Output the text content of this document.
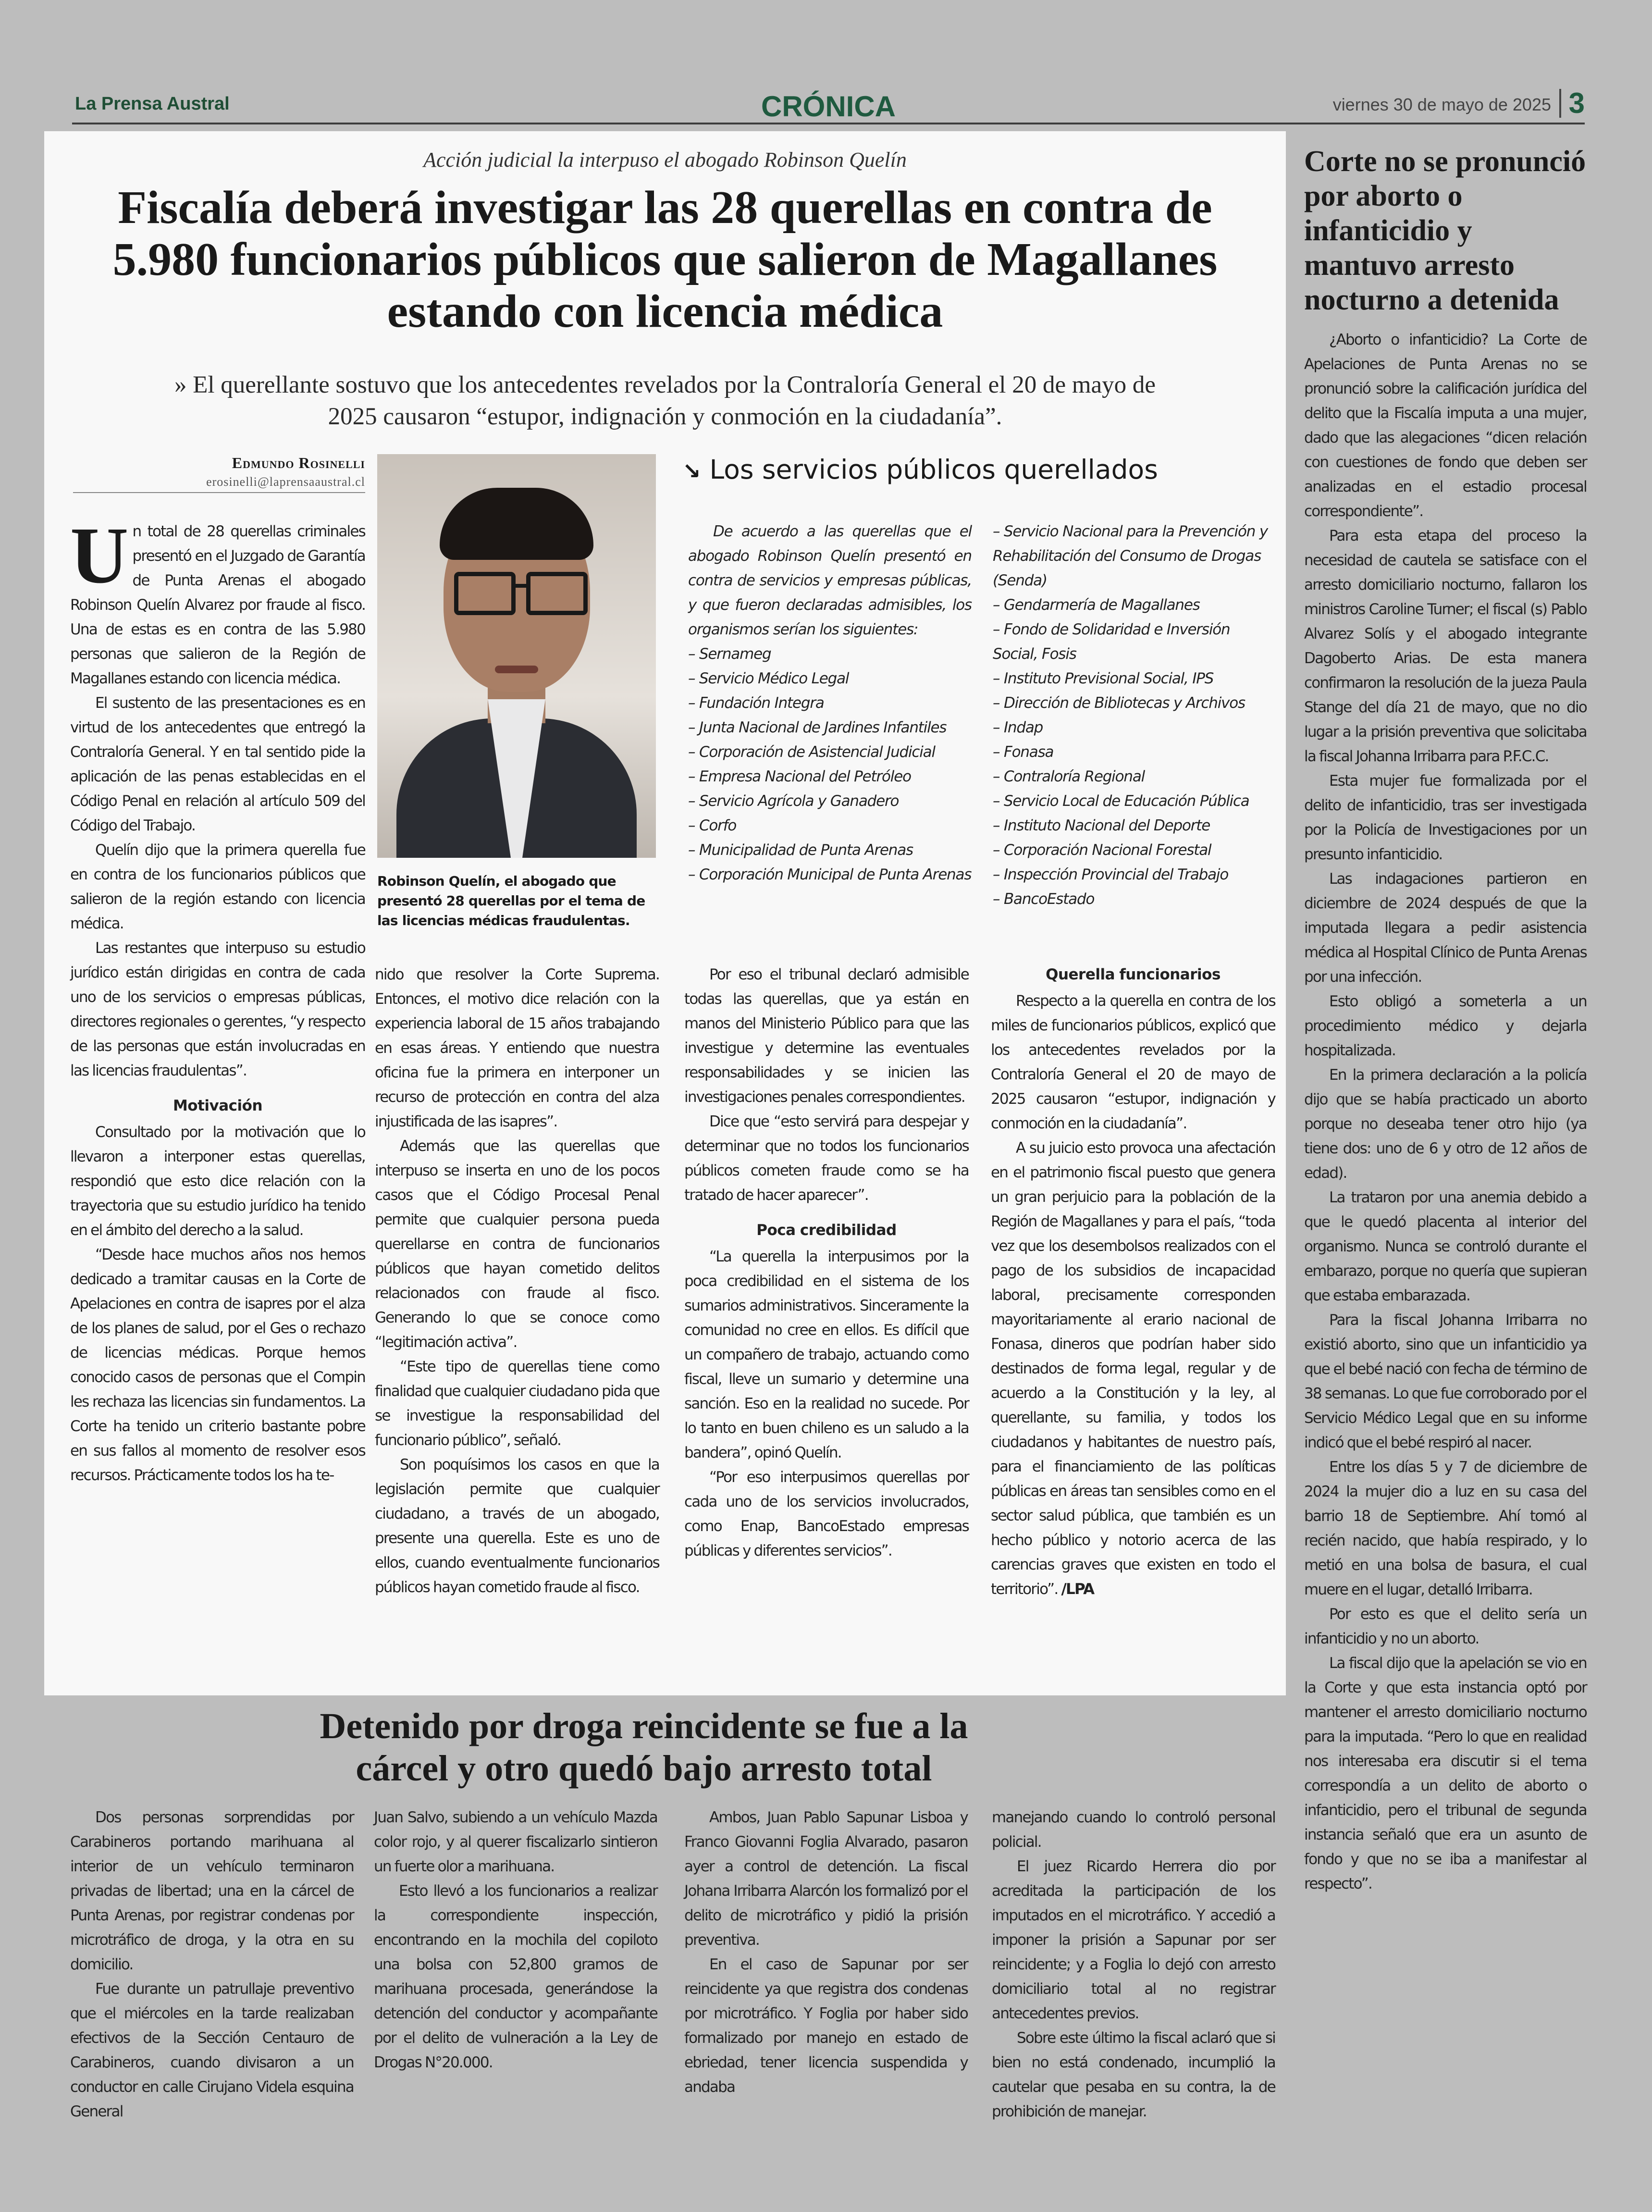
La Prensa Austral	CRÓNICA	viernes 30 de mayo de 2025 3
Acción judicial la interpuso el abogado Robinson Quelín
Fiscalía deberá investigar las 28 querellas en contra de 5.980 funcionarios públicos que salieron de Magallanes estando con licencia médica
» El querellante sostuvo que los antecedentes revelados por la Contraloría General el 20 de mayo de 2025 causaron “estupor, indignación y conmoción en la ciudadanía”.
Edmundo Rosinelli
erosinelli@laprensaaustral.cl

Un total de 28 querellas criminales presentó en el Juzgado de Garantía de Punta Arenas el abogado Robinson Quelín Alvarez por fraude al fisco. Una de estas es en contra de las 5.980 personas que salieron de la Región de Magallanes estando con licencia médica.

El sustento de las presentaciones es en virtud de los antecedentes que entregó la Contraloría General. Y en tal sentido pide la aplicación de las penas establecidas en el Código Penal en relación al artículo 509 del Código del Trabajo.

Quelín dijo que la primera querella fue en contra de los funcionarios públicos que salieron de la región estando con licencia médica.

Las restantes que interpuso su estudio jurídico están dirigidas en contra de cada uno de los servicios o empresas públicas, directores regionales o gerentes, “y respecto de las personas que están involucradas en las licencias fraudulentas”.

Motivación

Consultado por la motivación que lo llevaron a interponer estas querellas, respondió que esto dice relación con la trayectoria que su estudio jurídico ha tenido en el ámbito del derecho a la salud.

“Desde hace muchos años nos hemos dedicado a tramitar causas en la Corte de Apelaciones en contra de isapres por el alza de los planes de salud, por el Ges o rechazo de licencias médicas. Porque hemos conocido casos de personas que el Compin les rechaza las licencias sin fundamentos. La Corte ha tenido un criterio bastante pobre en sus fallos al momento de resolver esos recursos. Prácticamente todos los ha te-

Robinson Quelín, el abogado que presentó 28 querellas por el tema de las licencias médicas fraudulentas.

nido que resolver la Corte Suprema. Entonces, el motivo dice relación con la experiencia laboral de 15 años trabajando en esas áreas. Y entiendo que nuestra oficina fue la primera en interponer un recurso de protección en contra del alza injustificada de las isapres”.

Además que las querellas que interpuso se inserta en uno de los pocos casos que el Código Procesal Penal permite que cualquier persona pueda querellarse en contra de funcionarios públicos que hayan cometido delitos relacionados con fraude al fisco. Generando lo que se conoce como “legitimación activa”.

“Este tipo de querellas tiene como finalidad que cualquier ciudadano pida que se investigue la responsabilidad del funcionario público”, señaló.

Son poquísimos los casos en que la legislación permite que cualquier ciudadano, a través de un abogado, presente una querella. Este es uno de ellos, cuando eventualmente funcionarios públicos hayan cometido fraude al fisco.

↘ Los servicios públicos querellados
De acuerdo a las querellas que el abogado Robinson Quelín presentó en contra de servicios y empresas públicas, y que fueron declaradas admisibles, los organismos serían los siguientes:
– Sernameg
– Servicio Médico Legal
– Fundación Integra
– Junta Nacional de Jardines Infantiles
– Corporación de Asistencial Judicial
– Empresa Nacional del Petróleo
– Servicio Agrícola y Ganadero
– Corfo
– Municipalidad de Punta Arenas
– Corporación Municipal de Punta Arenas
– Servicio Nacional para la Prevención y Rehabilitación del Consumo de Drogas (Senda)
– Gendarmería de Magallanes
– Fondo de Solidaridad e Inversión Social, Fosis
– Instituto Previsional Social, IPS
– Dirección de Bibliotecas y Archivos
– Indap
– Fonasa
– Contraloría Regional
– Servicio Local de Educación Pública
– Instituto Nacional del Deporte
– Corporación Nacional Forestal
– Inspección Provincial del Trabajo
– BancoEstado

Por eso el tribunal declaró admisible todas las querellas, que ya están en manos del Ministerio Público para que las investigue y determine las eventuales responsabilidades y se inicien las investigaciones penales correspondientes.

Dice que “esto servirá para despejar y determinar que no todos los funcionarios públicos cometen fraude como se ha tratado de hacer aparecer”.

Poca credibilidad

“La querella la interpusimos por la poca credibilidad en el sistema de los sumarios administrativos. Sinceramente la comunidad no cree en ellos. Es difícil que un compañero de trabajo, actuando como fiscal, lleve un sumario y determine una sanción. Eso en la realidad no sucede. Por lo tanto en buen chileno es un saludo a la bandera”, opinó Quelín.

“Por eso interpusimos querellas por cada uno de los servicios involucrados, como Enap, BancoEstado empresas públicas y diferentes servicios”.

Querella funcionarios

Respecto a la querella en contra de los miles de funcionarios públicos, explicó que los antecedentes revelados por la Contraloría General el 20 de mayo de 2025 causaron “estupor, indignación y conmoción en la ciudadanía”.

A su juicio esto provoca una afectación en el patrimonio fiscal puesto que genera un gran perjuicio para la población de la Región de Magallanes y para el país, “toda vez que los desembolsos realizados con el pago de los subsidios de incapacidad laboral, precisamente corresponden mayoritariamente al erario nacional de Fonasa, dineros que podrían haber sido destinados de forma legal, regular y de acuerdo a la Constitución y la ley, al querellante, su familia, y todos los ciudadanos y habitantes de nuestro país, para el financiamiento de las políticas públicas en áreas tan sensibles como en el sector salud pública, que también es un hecho público y notorio acerca de las carencias graves que existen en todo el territorio”. /LPA

Corte no se pronunció por aborto o infanticidio y mantuvo arresto nocturno a detenida

¿Aborto o infanticidio? La Corte de Apelaciones de Punta Arenas no se pronunció sobre la calificación jurídica del delito que la Fiscalía imputa a una mujer, dado que las alegaciones “dicen relación con cuestiones de fondo que deben ser analizadas en el estadio procesal correspondiente”.

Para esta etapa del proceso la necesidad de cautela se satisface con el arresto domiciliario nocturno, fallaron los ministros Caroline Turner; el fiscal (s) Pablo Alvarez Solís y el abogado integrante Dagoberto Arias. De esta manera confirmaron la resolución de la jueza Paula Stange del día 21 de mayo, que no dio lugar a la prisión preventiva que solicitaba la fiscal Johanna Irribarra para P.F.C.C.

Esta mujer fue formalizada por el delito de infanticidio, tras ser investigada por la Policía de Investigaciones por un presunto infanticidio.

Las indagaciones partieron en diciembre de 2024 después de que la imputada llegara a pedir asistencia médica al Hospital Clínico de Punta Arenas por una infección.

Esto obligó a someterla a un procedimiento médico y dejarla hospitalizada.

En la primera declaración a la policía dijo que se había practicado un aborto porque no deseaba tener otro hijo (ya tiene dos: uno de 6 y otro de 12 años de edad).

La trataron por una anemia debido a que le quedó placenta al interior del organismo. Nunca se controló durante el embarazo, porque no quería que supieran que estaba embarazada.

Para la fiscal Johanna Irribarra no existió aborto, sino que un infanticidio ya que el bebé nació con fecha de término de 38 semanas. Lo que fue corroborado por el Servicio Médico Legal que en su informe indicó que el bebé respiró al nacer.

Entre los días 5 y 7 de diciembre de 2024 la mujer dio a luz en su casa del barrio 18 de Septiembre. Ahí tomó al recién nacido, que había respirado, y lo metió en una bolsa de basura, el cual muere en el lugar, detalló Irribarra.

Por esto es que el delito sería un infanticidio y no un aborto.

La fiscal dijo que la apelación se vio en la Corte y que esta instancia optó por mantener el arresto domiciliario nocturno para la imputada. “Pero lo que en realidad nos interesaba era discutir si el tema correspondía a un delito de aborto o infanticidio, pero el tribunal de segunda instancia señaló que era un asunto de fondo y que no se iba a manifestar al respecto”.

Detenido por droga reincidente se fue a la cárcel y otro quedó bajo arresto total

Dos personas sorprendidas por Carabineros portando marihuana al interior de un vehículo terminaron privadas de libertad; una en la cárcel de Punta Arenas, por registrar condenas por microtráfico de droga, y la otra en su domicilio.

Fue durante un patrullaje preventivo que el miércoles en la tarde realizaban efectivos de la Sección Centauro de Carabineros, cuando divisaron a un conductor en calle Cirujano Videla esquina General

Juan Salvo, subiendo a un vehículo Mazda color rojo, y al querer fiscalizarlo sintieron un fuerte olor a marihuana.

Esto llevó a los funcionarios a realizar la correspondiente inspección, encontrando en la mochila del copiloto una bolsa con 52,800 gramos de marihuana procesada, generándose la detención del conductor y acompañante por el delito de vulneración a la Ley de Drogas N°20.000.

Ambos, Juan Pablo Sapunar Lisboa y Franco Giovanni Foglia Alvarado, pasaron ayer a control de detención. La fiscal Johana Irribarra Alarcón los formalizó por el delito de microtráfico y pidió la prisión preventiva.

En el caso de Sapunar por ser reincidente ya que registra dos condenas por microtráfico. Y Foglia por haber sido formalizado por manejo en estado de ebriedad, tener licencia suspendida y andaba

manejando cuando lo controló personal policial.

El juez Ricardo Herrera dio por acreditada la participación de los imputados en el microtráfico. Y accedió a imponer la prisión a Sapunar por ser reincidente; y a Foglia lo dejó con arresto domiciliario total al no registrar antecedentes previos.

Sobre este último la fiscal aclaró que si bien no está condenado, incumplió la cautelar que pesaba en su contra, la de prohibición de manejar.
